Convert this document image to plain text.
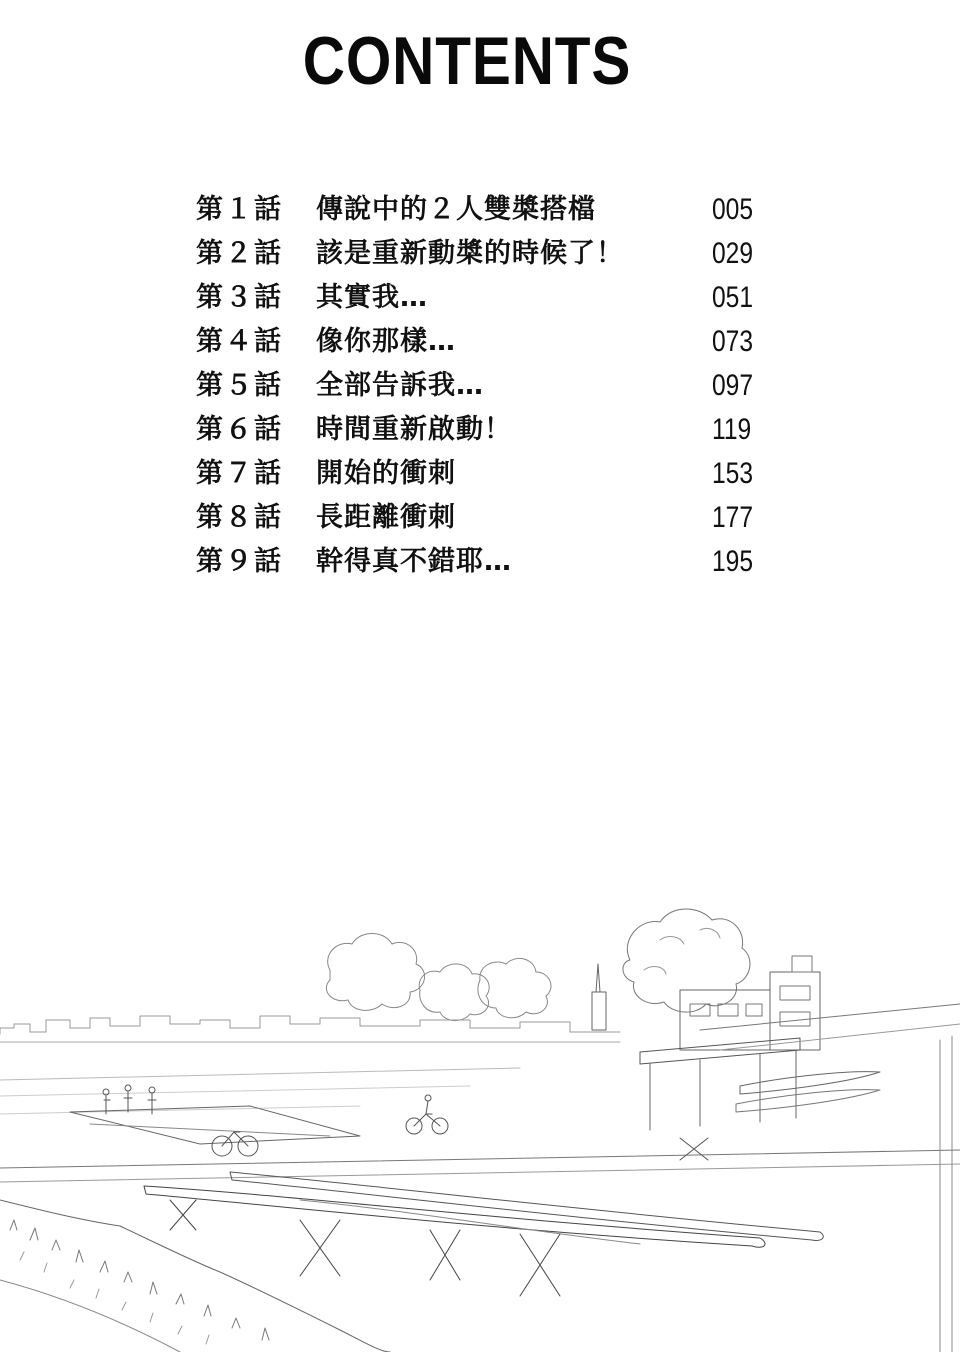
CONTENTS
第１話 傳說中的２人雙槳搭檔	005
第２話 該是重新動槳的時候了！	029
第３話 其實我…	051
第４話 像你那樣…	073
第５話 全部告訴我…	097
第６話 時間重新啟動！	119
第７話 開始的衝刺	153
第８話 長距離衝刺	177
第９話 幹得真不錯耶…	195
